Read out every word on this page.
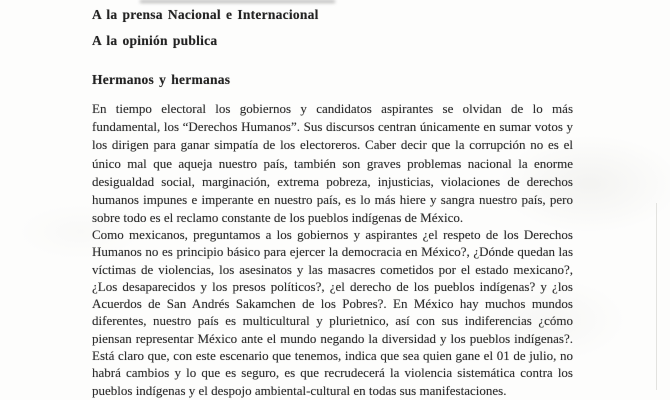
A la prensa Nacional e Internacional
A la opinión publica
Hermanos y hermanas
En tiempo electoral los gobiernos y candidatos aspirantes se olvidan de lo más
fundamental, los “Derechos Humanos”. Sus discursos centran únicamente en sumar votos y
los dirigen para ganar simpatía de los electoreros. Caber decir que la corrupción no es el
único mal que aqueja nuestro país, también son graves problemas nacional la enorme
desigualdad social, marginación, extrema pobreza, injusticias, violaciones de derechos
humanos impunes e imperante en nuestro país, es lo más hiere y sangra nuestro país, pero
sobre todo es el reclamo constante de los pueblos indígenas de México.
Como mexicanos, preguntamos a los gobiernos y aspirantes ¿el respeto de los Derechos
Humanos no es principio básico para ejercer la democracia en México?, ¿Dónde quedan las
víctimas de violencias, los asesinatos y las masacres cometidos por el estado mexicano?,
¿Los desaparecidos y los presos políticos?, ¿el derecho de los pueblos indígenas? y ¿los
Acuerdos de San Andrés Sakamchen de los Pobres?. En México hay muchos mundos
diferentes, nuestro país es multicultural y plurietnico, así con sus indiferencias ¿cómo
piensan representar México ante el mundo negando la diversidad y los pueblos indígenas?.
Está claro que, con este escenario que tenemos, indica que sea quien gane el 01 de julio, no
habrá cambios y lo que es seguro, es que recrudecerá la violencia sistemática contra los
pueblos indígenas y el despojo ambiental-cultural en todas sus manifestaciones.
